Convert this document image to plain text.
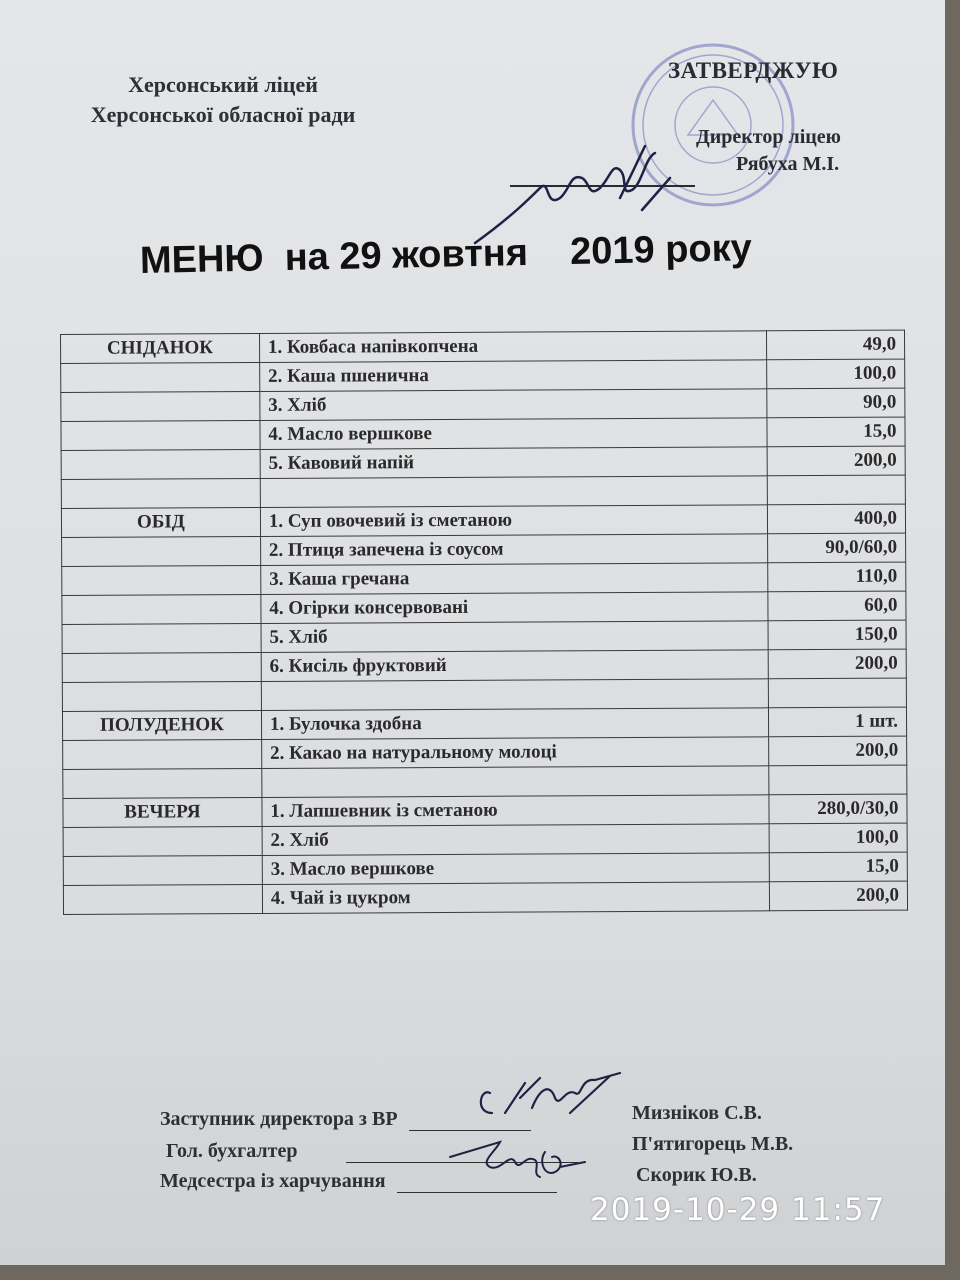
Херсонський ліцей
Херсонської обласної ради
ЗАТВЕРДЖУЮ
Директор ліцею
Рябуха М.І.
МЕНЮ  на 29 жовтня    2019 року
СНІДАНОК	1. Ковбаса напівкопчена	49,0
	2. Каша пшенична	100,0
	3. Хліб	90,0
	4. Масло вершкове	15,0
	5. Кавовий напій	200,0

ОБІД	1. Суп овочевий із сметаною	400,0
	2. Птиця запечена із соусом	90,0/60,0
	3. Каша гречана	110,0
	4. Огірки консервовані	60,0
	5. Хліб	150,0
	6. Кисіль фруктовий	200,0

ПОЛУДЕНОК	1. Булочка здобна	1 шт.
	2. Какао на натуральному молоці	200,0

ВЕЧЕРЯ	1. Лапшевник із сметаною	280,0/30,0
	2. Хліб	100,0
	3. Масло вершкове	15,0
	4. Чай із цукром	200,0
Заступник директора з ВР	Мизніков С.В.
Гол. бухгалтер	П'ятигорець М.В.
Медсестра із харчування	Скорик Ю.В.
2019-10-29 11:57
